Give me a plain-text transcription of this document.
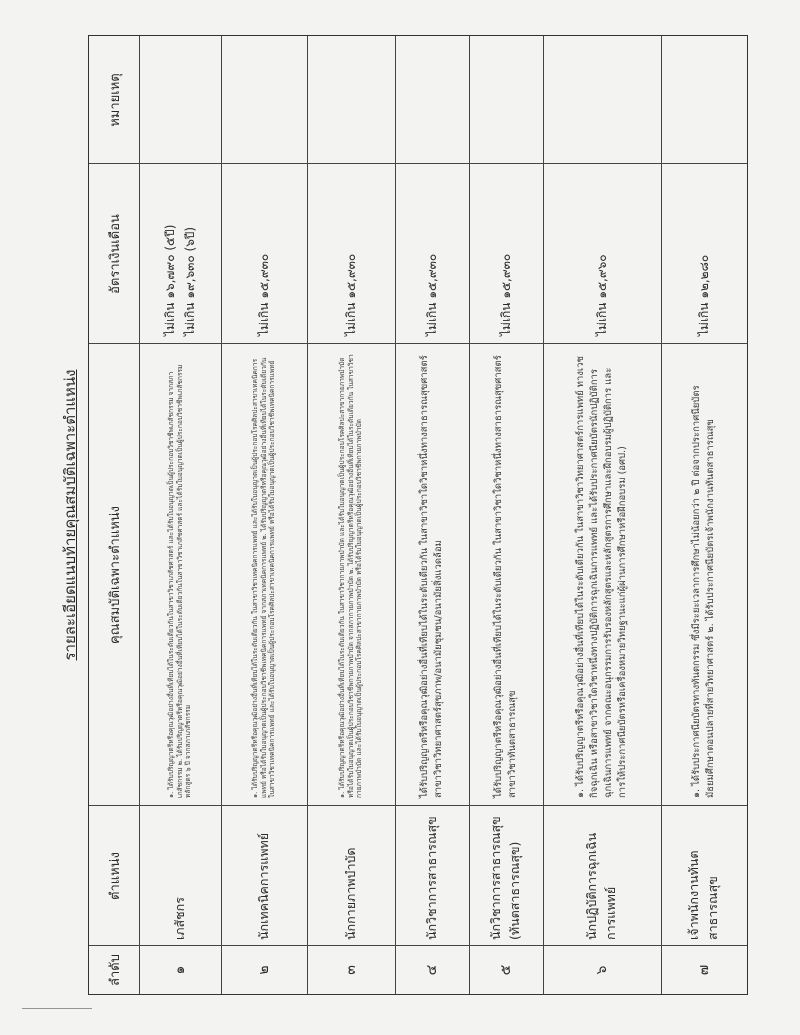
รายละเอียดแนบท้ายคุณสมบัติเฉพาะตำแหน่ง
ลำดับ
ตำแหน่ง
คุณสมบัติเฉพาะตำแหน่ง
อัตราเงินเดือน
หมายเหตุ
๑
เภสัชกร
๑. ได้รับปริญญาตรีหรือคุณวุฒิอย่างอื่นที่เทียบได้ในระดับเดียวกันในสาขาวิชาเภสัชศาสตร์ และได้รับใบอนุญาตเป็นผู้ประกอบวิชาชีพเภสัชกรรม จากสภาเภสัชกรรม ๒. ได้รับปริญญาตรีหรือคุณวุฒิอย่างอื่นที่เทียบได้ในระดับเดียวกันในสาขาวิชาเภสัชศาสตร์ และได้รับใบอนุญาตเป็นผู้ประกอบวิชาชีพเภสัชกรรม หลักสูตร ๖ ปี จากสภาเภสัชกรรม
ไม่เกิน ๑๖,๗๙๐ (๕ปี) ไม่เกิน ๑๙,๖๓๐ (๖ปี)
๒
นักเทคนิคการแพทย์
๑. ได้รับปริญญาตรีหรือคุณวุฒิอย่างอื่นที่เทียบได้ในระดับเดียวกัน ในสาขาวิชาเทคนิคการแพทย์ และได้รับใบอนุญาตเป็นผู้ประกอบโรคศิลปะสาขาเทคนิคการแพทย์ หรือได้รับใบอนุญาตเป็นผู้ประกอบวิชาชีพเทคนิคการแพทย์ จากสภาเทคนิคการแพทย์ ๒. ได้รับปริญญาตรีหรือคุณวุฒิอย่างอื่นที่เทียบได้ในระดับเดียวกัน ในสาขาวิชาเทคนิคการแพทย์ และได้รับใบอนุญาตเป็นผู้ประกอบโรคศิลปะสาขาเทคนิคการแพทย์ หรือได้รับใบอนุญาตเป็นผู้ประกอบวิชาชีพเทคนิคการแพทย์
ไม่เกิน ๑๕,๙๓๐
๓
นักกายภาพบำบัด
๑. ได้รับปริญญาตรีหรือคุณวุฒิอย่างอื่นที่เทียบได้ในระดับเดียวกัน ในสาขาวิชากายภาพบำบัด และได้รับใบอนุญาตเป็นผู้ประกอบโรคศิลปะสาขากายภาพบำบัด หรือได้รับใบอนุญาตเป็นผู้ประกอบวิชาชีพกายภาพบำบัด จากสภากายภาพบำบัด ๒. ได้รับปริญญาตรีหรือคุณวุฒิอย่างอื่นที่เทียบได้ในระดับเดียวกัน ในสาขาวิชากายภาพบำบัด และได้รับใบอนุญาตเป็นผู้ประกอบโรคศิลปะสาขากายภาพบำบัด หรือได้รับใบอนุญาตเป็นผู้ประกอบวิชาชีพกายภาพบำบัด
ไม่เกิน ๑๕,๙๓๐
๔
นักวิชาการสาธารณสุข
ได้รับปริญญาตรีหรือคุณวุฒิอย่างอื่นที่เทียบได้ในระดับเดียวกัน ในสาขาวิชาใดวิชาหนึ่งทางสาธารณสุขศาสตร์ สาขาวิชาวิทยาศาสตร์สุขภาพ/อนามัยชุมชน/อนามัยสิ่งแวดล้อม
ไม่เกิน ๑๕,๙๓๐
๕
นักวิชาการสาธารณสุข (ทันตสาธารณสุข)
ได้รับปริญญาตรีหรือคุณวุฒิอย่างอื่นที่เทียบได้ในระดับเดียวกัน ในสาขาวิชาใดวิชาหนึ่งทางสาธารณสุขศาสตร์ สาขาวิชาทันตสาธารณสุข
ไม่เกิน ๑๕,๙๓๐
๖
นักปฏิบัติการฉุกเฉินการแพทย์
๑. ได้รับปริญญาตรีหรือคุณวุฒิอย่างอื่นที่เทียบได้ในระดับเดียวกัน ในสาขาวิชาวิทยาศาสตร์การแพทย์ ทางเวชกิจฉุกเฉิน หรือสาขาวิชาใดวิชาหนึ่งทางปฏิบัติการฉุกเฉินการแพทย์ และได้รับประกาศนียบัตรนักปฏิบัติการฉุกเฉินการแพทย์ จากคณะอนุกรรมการรับรองหลักสูตรและหลักสูตรการศึกษาและฝึกอบรมผู้ปฏิบัติการ และการให้ประกาศนียบัตรหรือเครื่องหมายวิทยฐานะแก่ผู้ผ่านการศึกษาหรือฝึกอบรม (อศป.)
ไม่เกิน ๑๕,๙๖๐
๗
เจ้าพนักงานทันตสาธารณสุข
๑. ได้รับประกาศนียบัตรทางทันตกรรม ซึ่งมีระยะเวลาการศึกษาไม่น้อยกว่า ๒ ปี ต่อจากประกาศนียบัตรมัธยมศึกษาตอนปลายที่สายวิทยาศาสตร์ ๒. ได้รับประกาศนียบัตรเจ้าพนักงานทันตสาธารณสุข
ไม่เกิน ๑๒,๒๘๐
